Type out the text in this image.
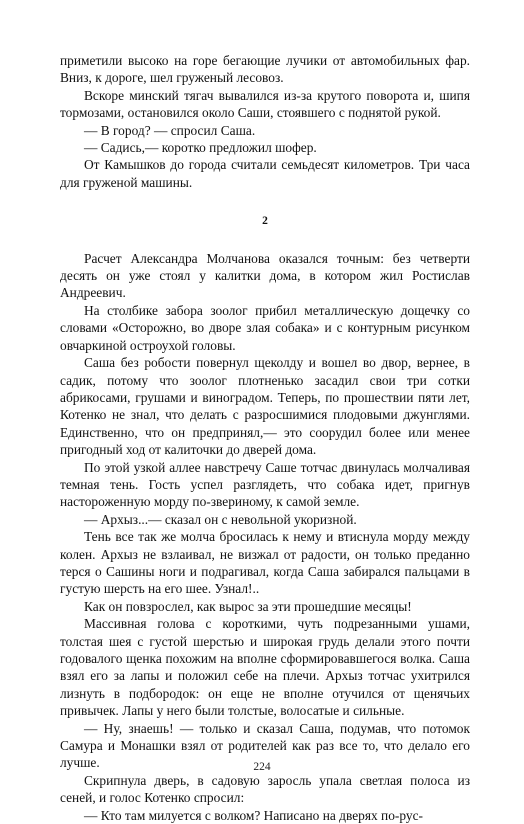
приметили высоко на горе бегающие лучики от автомобильных фар. Вниз, к дороге, шел груженый лесовоз.

Вскоре минский тягач вывалился из-за крутого поворота и, шипя тормозами, остановился около Саши, стоявшего с поднятой рукой.

— В город? — спросил Саша.

— Садись,— коротко предложил шофер.

От Камышков до города считали семьдесят километров. Три часа для груженой машины.

2

Расчет Александра Молчанова оказался точным: без четверти десять он уже стоял у калитки дома, в котором жил Ростислав Андреевич.

На столбике забора зоолог прибил металлическую дощечку со словами «Осторожно, во дворе злая собака» и с контурным рисунком овчаркиной остроухой головы.

Саша без робости повернул щеколду и вошел во двор, вернее, в садик, потому что зоолог плотненько засадил свои три сотки абрикосами, грушами и виноградом. Теперь, по прошествии пяти лет, Котенко не знал, что делать с разросшимися плодовыми джунглями. Единственно, что он предпринял,— это соорудил более или менее пригодный ход от калиточки до дверей дома.

По этой узкой аллее навстречу Саше тотчас двинулась молчаливая темная тень. Гость успел разглядеть, что собака идет, пригнув настороженную морду по-звериному, к самой земле.

— Архыз...— сказал он с невольной укоризной.

Тень все так же молча бросилась к нему и втиснула морду между колен. Архыз не взлаивал, не визжал от радости, он только преданно терся о Сашины ноги и подрагивал, когда Саша забирался пальцами в густую шерсть на его шее. Узнал!..

Как он повзрослел, как вырос за эти прошедшие месяцы!

Массивная голова с короткими, чуть подрезанными ушами, толстая шея с густой шерстью и широкая грудь делали этого почти годовалого щенка похожим на вполне сформировавшегося волка. Саша взял его за лапы и положил себе на плечи. Архыз тотчас ухитрился лизнуть в подбородок: он еще не вполне отучился от щенячьих привычек. Лапы у него были толстые, волосатые и сильные.

— Ну, знаешь! — только и сказал Саша, подумав, что потомок Самура и Монашки взял от родителей как раз все то, что делало его лучше.

Скрипнула дверь, в садовую заросль упала светлая полоса из сеней, и голос Котенко спросил:

— Кто там милуется с волком? Написано на дверях по-рус-

224
